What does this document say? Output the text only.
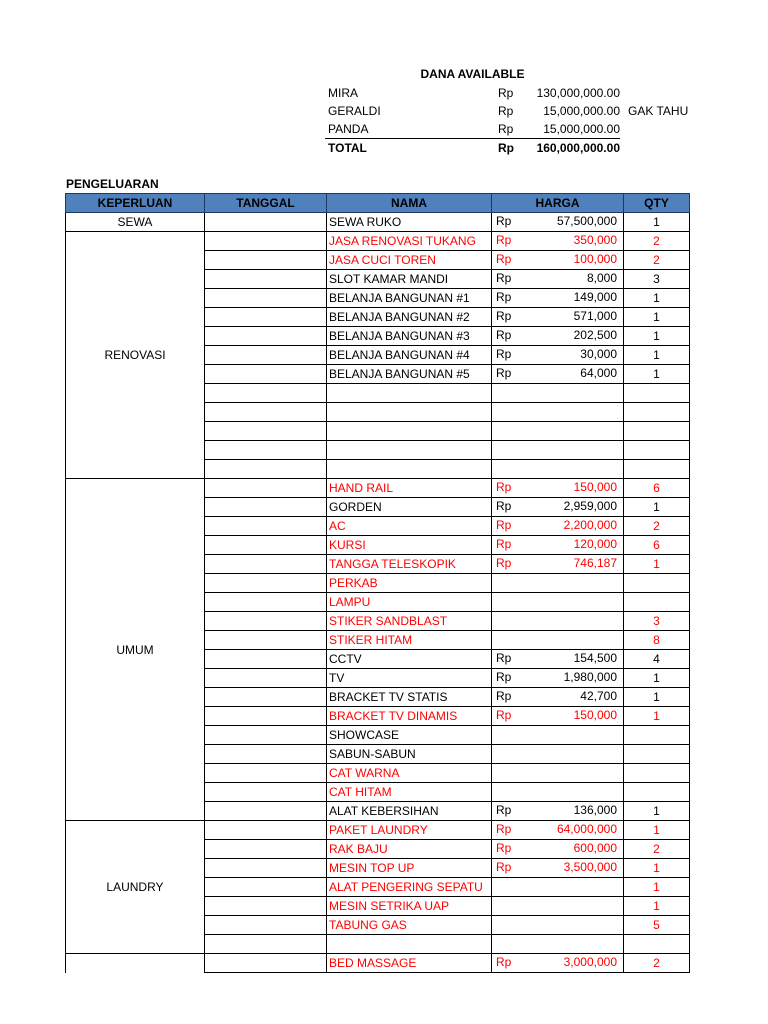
DANA AVAILABLE
MIRA	Rp 130,000,000.00
GERALDI	Rp 15,000,000.00 GAK TAHU
PANDA	Rp 15,000,000.00
TOTAL	Rp 160,000,000.00
PENGELUARAN
KEPERLUAN	TANGGAL	NAMA	HARGA	QTY
SEWA		SEWA RUKO	Rp 57,500,000	1
RENOVASI		JASA RENOVASI TUKANG	Rp 350,000	2
		JASA CUCI TOREN	Rp 100,000	2
		SLOT KAMAR MANDI	Rp 8,000	3
		BELANJA BANGUNAN #1	Rp 149,000	1
		BELANJA BANGUNAN #2	Rp 571,000	1
		BELANJA BANGUNAN #3	Rp 202,500	1
		BELANJA BANGUNAN #4	Rp 30,000	1
		BELANJA BANGUNAN #5	Rp 64,000	1

UMUM		HAND RAIL	Rp 150,000	6
		GORDEN	Rp 2,959,000	1
		AC	Rp 2,200,000	2
		KURSI	Rp 120,000	6
		TANGGA TELESKOPIK	Rp 746,187	1
		PERKAB	

		LAMPU	

		STIKER SANDBLAST		3
		STIKER HITAM		8
		CCTV	Rp 154,500	4
		TV	Rp 1,980,000	1
		BRACKET TV STATIS	Rp 42,700	1
		BRACKET TV DINAMIS	Rp 150,000	1
		SHOWCASE	

		SABUN-SABUN	

		CAT WARNA	

		CAT HITAM	

		ALAT KEBERSIHAN	Rp 136,000	1
LAUNDRY		PAKET LAUNDRY	Rp 64,000,000	1
		RAK BAJU	Rp 600,000	2
		MESIN TOP UP	Rp 3,500,000	1
		ALAT PENGERING SEPATU		1
		MESIN SETRIKA UAP		1
		TABUNG GAS		5

		BED MASSAGE	Rp 3,000,000	2
